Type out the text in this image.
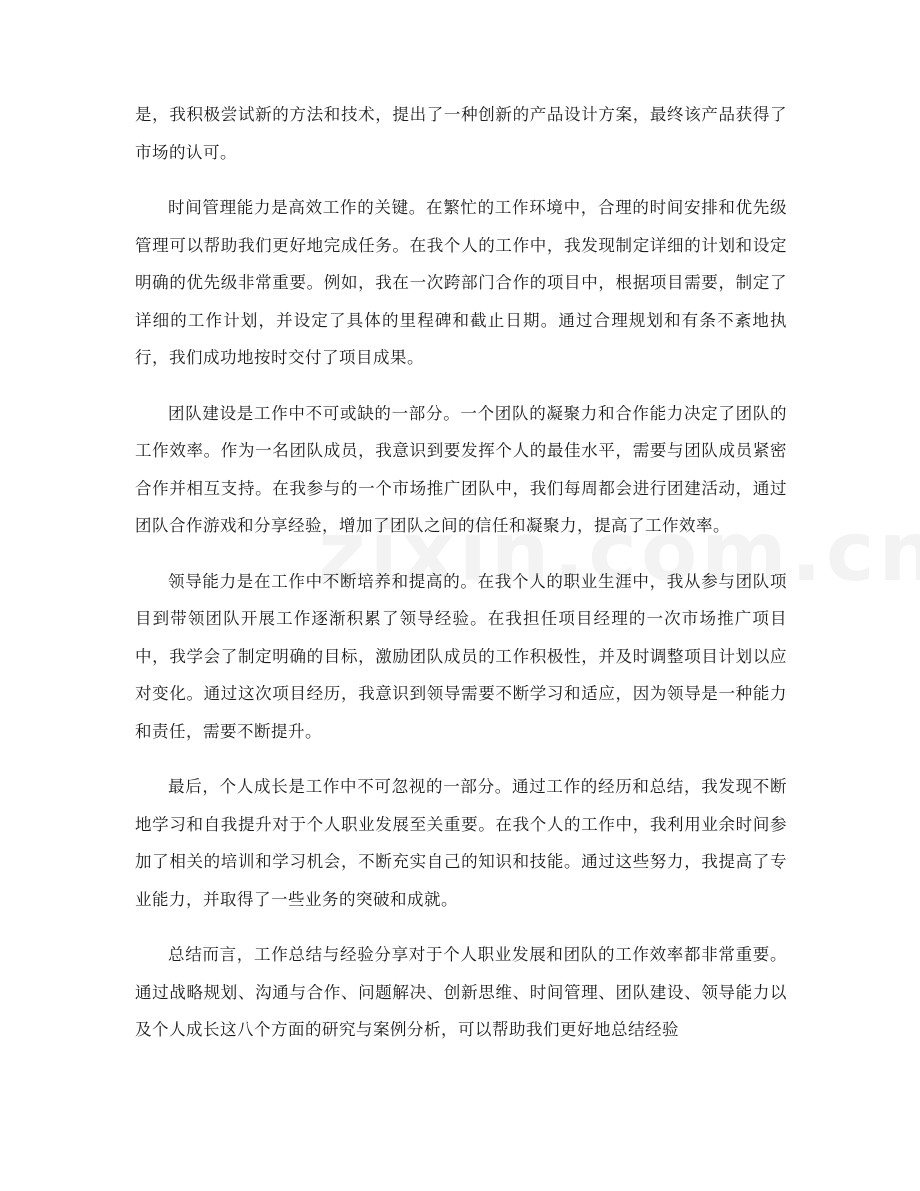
是，我积极尝试新的方法和技术，提出了一种创新的产品设计方案，最终该产品获得了市场的认可。

时间管理能力是高效工作的关键。在繁忙的工作环境中，合理的时间安排和优先级管理可以帮助我们更好地完成任务。在我个人的工作中，我发现制定详细的计划和设定明确的优先级非常重要。例如，我在一次跨部门合作的项目中，根据项目需要，制定了详细的工作计划，并设定了具体的里程碑和截止日期。通过合理规划和有条不紊地执行，我们成功地按时交付了项目成果。

团队建设是工作中不可或缺的一部分。一个团队的凝聚力和合作能力决定了团队的工作效率。作为一名团队成员，我意识到要发挥个人的最佳水平，需要与团队成员紧密合作并相互支持。在我参与的一个市场推广团队中，我们每周都会进行团建活动，通过团队合作游戏和分享经验，增加了团队之间的信任和凝聚力，提高了工作效率。

领导能力是在工作中不断培养和提高的。在我个人的职业生涯中，我从参与团队项目到带领团队开展工作逐渐积累了领导经验。在我担任项目经理的一次市场推广项目中，我学会了制定明确的目标，激励团队成员的工作积极性，并及时调整项目计划以应对变化。通过这次项目经历，我意识到领导需要不断学习和适应，因为领导是一种能力和责任，需要不断提升。

最后，个人成长是工作中不可忽视的一部分。通过工作的经历和总结，我发现不断地学习和自我提升对于个人职业发展至关重要。在我个人的工作中，我利用业余时间参加了相关的培训和学习机会，不断充实自己的知识和技能。通过这些努力，我提高了专业能力，并取得了一些业务的突破和成就。

总结而言，工作总结与经验分享对于个人职业发展和团队的工作效率都非常重要。通过战略规划、沟通与合作、问题解决、创新思维、时间管理、团队建设、领导能力以及个人成长这八个方面的研究与案例分析，可以帮助我们更好地总结经验
